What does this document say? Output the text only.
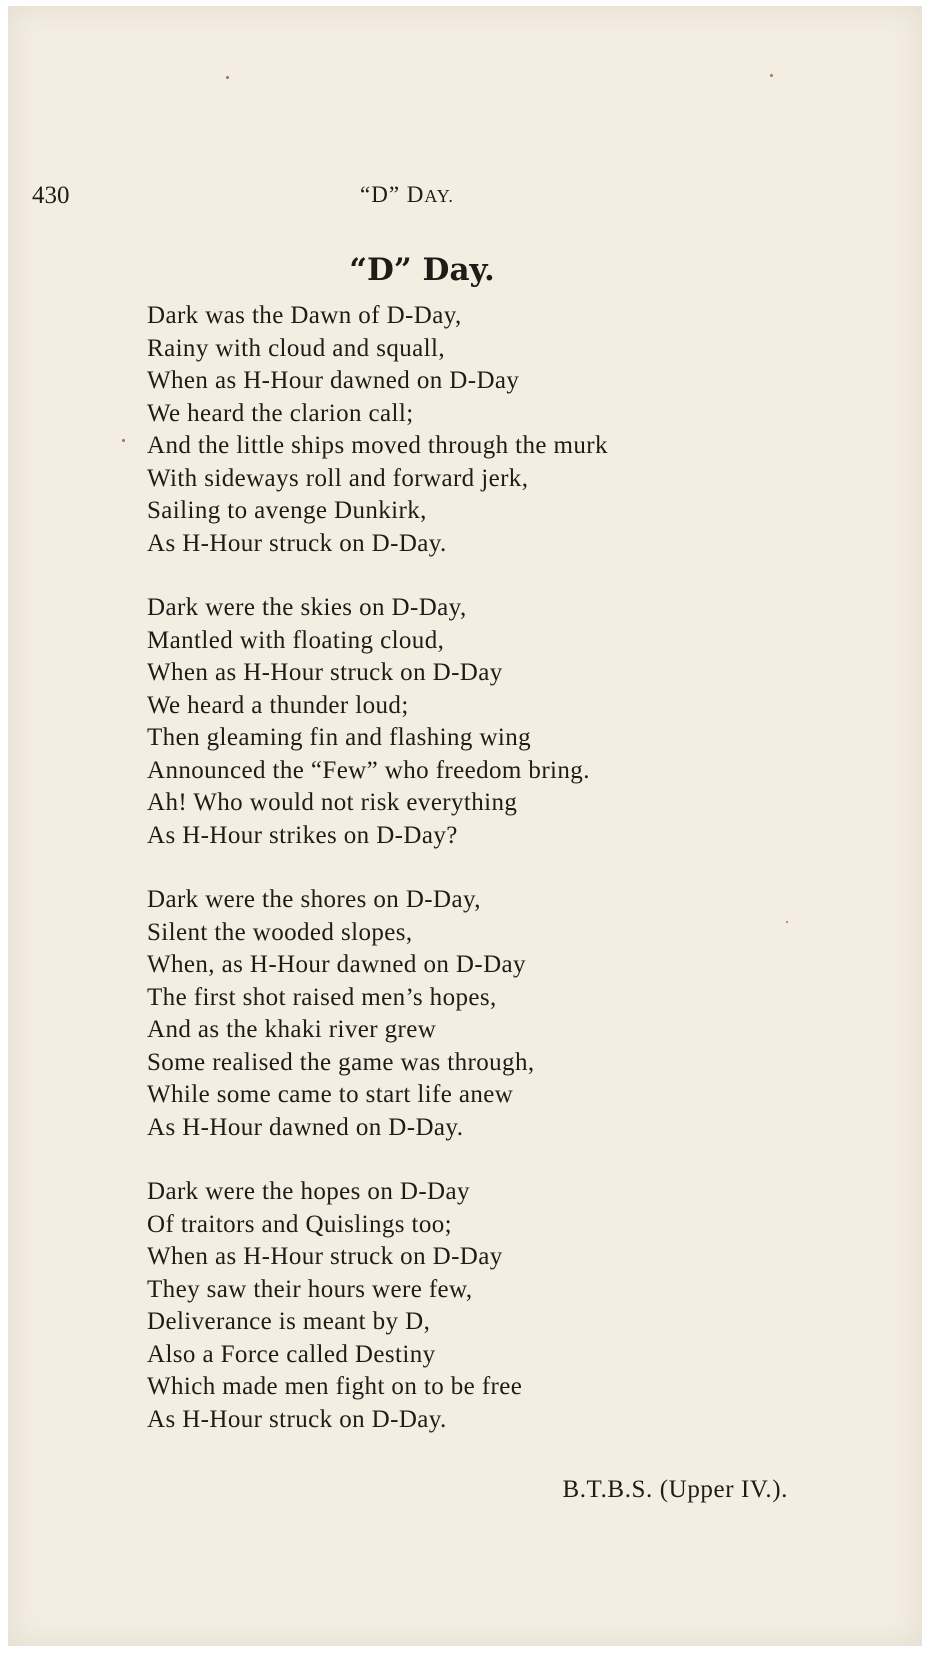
430	“D” DAY.
“D” Day.
Dark was the Dawn of D-Day,
Rainy with cloud and squall,
When as H-Hour dawned on D-Day
We heard the clarion call;
And the little ships moved through the murk
With sideways roll and forward jerk,
Sailing to avenge Dunkirk,
As H-Hour struck on D-Day.
Dark were the skies on D-Day,
Mantled with floating cloud,
When as H-Hour struck on D-Day
We heard a thunder loud;
Then gleaming fin and flashing wing
Announced the “Few” who freedom bring.
Ah! Who would not risk everything
As H-Hour strikes on D-Day?
Dark were the shores on D-Day,
Silent the wooded slopes,
When, as H-Hour dawned on D-Day
The first shot raised men’s hopes,
And as the khaki river grew
Some realised the game was through,
While some came to start life anew
As H-Hour dawned on D-Day.
Dark were the hopes on D-Day
Of traitors and Quislings too;
When as H-Hour struck on D-Day
They saw their hours were few,
Deliverance is meant by D,
Also a Force called Destiny
Which made men fight on to be free
As H-Hour struck on D-Day.
B.T.B.S. (Upper IV.).
